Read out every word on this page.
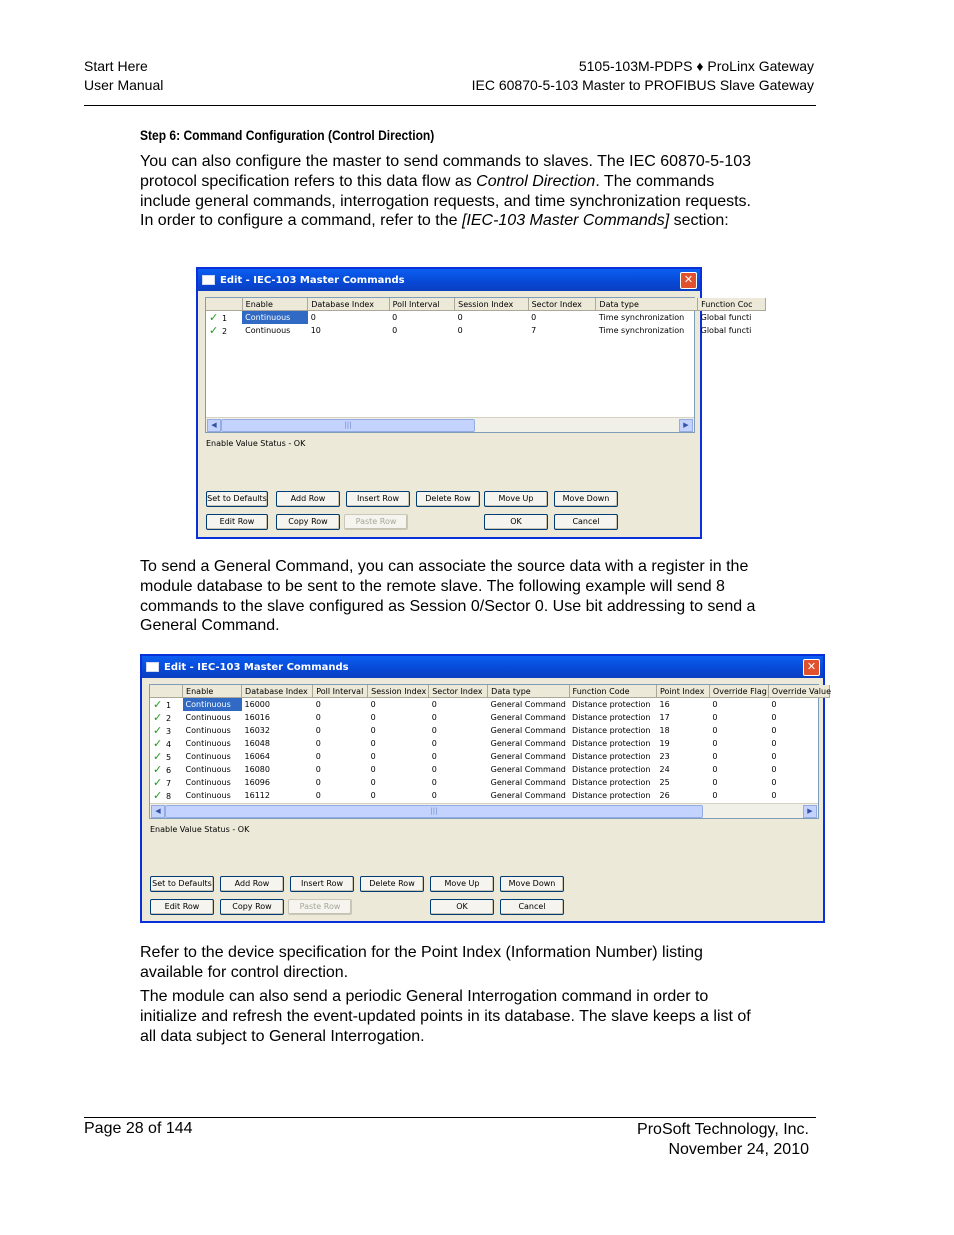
Start Here
User Manual
5105-103M-PDPS ♦ ProLinx Gateway
IEC 60870-5-103 Master to PROFIBUS Slave Gateway
Step 6: Command Configuration (Control Direction)
You can also configure the master to send commands to slaves. The IEC 60870-5-103 protocol specification refers to this data flow as Control Direction. The commands include general commands, interrogation requests, and time synchronization requests. In order to configure a command, refer to the [IEC-103 Master Commands] section:
Edit - IEC-103 Master Commands	✕
	Enable	Database Index	Poll Interval	Session Index	Sector Index	Data type	Function Coc
✓ 1	Continuous	0	0	0	0	Time synchronization	Global functi
✓ 2	Continuous	10	0	0	7	Time synchronization	Global functi
◀	|||	▶
Enable Value Status - OK
Set to Defaults	Add Row	Insert Row	Delete Row	Move Up	Move Down
Edit Row	Copy Row	Paste Row	OK	Cancel
To send a General Command, you can associate the source data with a register in the module database to be sent to the remote slave. The following example will send 8 commands to the slave configured as Session 0/Sector 0. Use bit addressing to send a General Command.
Edit - IEC-103 Master Commands	✕
	Enable	Database Index	Poll Interval	Session Index	Sector Index	Data type	Function Code	Point Index	Override Flag	Override Value
✓ 1	Continuous	16000	0	0	0	General Command	Distance protection	16	0	0
✓ 2	Continuous	16016	0	0	0	General Command	Distance protection	17	0	0
✓ 3	Continuous	16032	0	0	0	General Command	Distance protection	18	0	0
✓ 4	Continuous	16048	0	0	0	General Command	Distance protection	19	0	0
✓ 5	Continuous	16064	0	0	0	General Command	Distance protection	23	0	0
✓ 6	Continuous	16080	0	0	0	General Command	Distance protection	24	0	0
✓ 7	Continuous	16096	0	0	0	General Command	Distance protection	25	0	0
✓ 8	Continuous	16112	0	0	0	General Command	Distance protection	26	0	0
◀	|||	▶
Enable Value Status - OK
Set to Defaults	Add Row	Insert Row	Delete Row	Move Up	Move Down
Edit Row	Copy Row	Paste Row	OK	Cancel
Refer to the device specification for the Point Index (Information Number) listing available for control direction.
The module can also send a periodic General Interrogation command in order to initialize and refresh the event-updated points in its database. The slave keeps a list of all data subject to General Interrogation.
Page 28 of 144	ProSoft Technology, Inc.
November 24, 2010
